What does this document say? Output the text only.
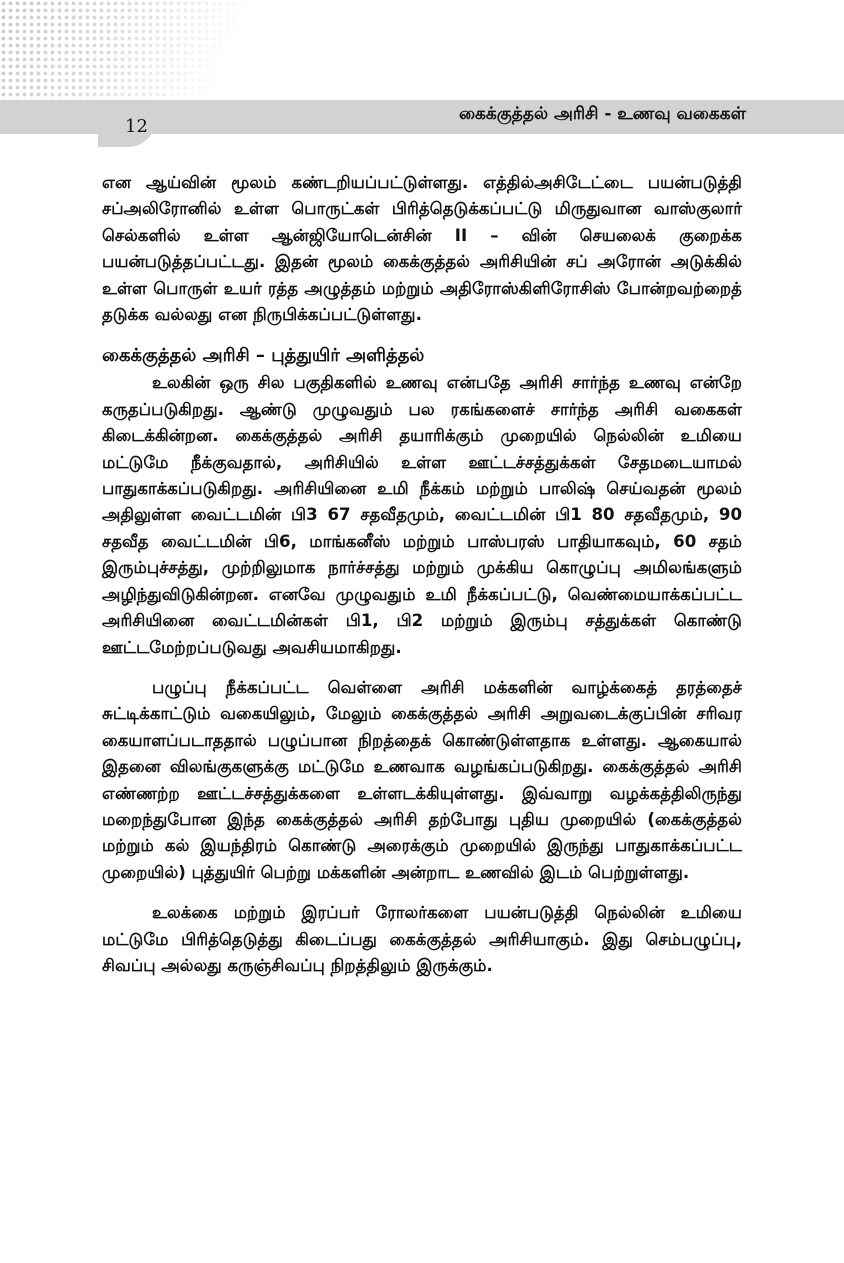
கைக்குத்தல் அரிசி - உணவு வகைகள்
12

என ஆய்வின் மூலம் கண்டறியப்பட்டுள்ளது. எத்தில்அசிடேட்டை பயன்படுத்தி சப்அலிரோனில் உள்ள பொருட்கள் பிரித்தெடுக்கப்பட்டு மிருதுவான வாஸ்குலார் செல்களில் உள்ள ஆன்ஜியோடென்சின் II – வின் செயலைக் குறைக்க பயன்படுத்தப்பட்டது. இதன் மூலம் கைக்குத்தல் அரிசியின் சப் அரோன் அடுக்கில் உள்ள பொருள் உயர் ரத்த அழுத்தம் மற்றும் அதிரோஸ்கிளிரோசிஸ் போன்றவற்றைத் தடுக்க வல்லது என நிருபிக்கப்பட்டுள்ளது.

கைக்குத்தல் அரிசி – புத்துயிர் அளித்தல்

உலகின் ஒரு சில பகுதிகளில் உணவு என்பதே அரிசி சார்ந்த உணவு என்றே கருதப்படுகிறது. ஆண்டு முழுவதும் பல ரகங்களைச் சார்ந்த அரிசி வகைகள் கிடைக்கின்றன. கைக்குத்தல் அரிசி தயாரிக்கும் முறையில் நெல்லின் உமியை மட்டுமே நீக்குவதால், அரிசியில் உள்ள ஊட்டச்சத்துக்கள் சேதமடையாமல் பாதுகாக்கப்படுகிறது. அரிசியினை உமி நீக்கம் மற்றும் பாலிஷ் செய்வதன் மூலம் அதிலுள்ள வைட்டமின் பி3 67 சதவீதமும், வைட்டமின் பி1 80 சதவீதமும், 90 சதவீத வைட்டமின் பி6, மாங்கனீஸ் மற்றும் பாஸ்பரஸ் பாதியாகவும், 60 சதம் இரும்புச்சத்து, முற்றிலுமாக நார்ச்சத்து மற்றும் முக்கிய கொழுப்பு அமிலங்களும் அழிந்துவிடுகின்றன. எனவே முழுவதும் உமி நீக்கப்பட்டு, வெண்மையாக்கப்பட்ட அரிசியினை வைட்டமின்கள் பி1, பி2 மற்றும் இரும்பு சத்துக்கள் கொண்டு ஊட்டமேற்றப்படுவது அவசியமாகிறது.

பழுப்பு நீக்கப்பட்ட வெள்ளை அரிசி மக்களின் வாழ்க்கைத் தரத்தைச் சுட்டிக்காட்டும் வகையிலும், மேலும் கைக்குத்தல் அரிசி அறுவடைக்குப்பின் சரிவர கையாளப்படாததால் பழுப்பான நிறத்தைக் கொண்டுள்ளதாக உள்ளது. ஆகையால் இதனை விலங்குகளுக்கு மட்டுமே உணவாக வழங்கப்படுகிறது. கைக்குத்தல் அரிசி எண்ணற்ற ஊட்டச்சத்துக்களை உள்ளடக்கியுள்ளது. இவ்வாறு வழக்கத்திலிருந்து மறைந்துபோன இந்த கைக்குத்தல் அரிசி தற்போது புதிய முறையில் (கைக்குத்தல் மற்றும் கல் இயந்திரம் கொண்டு அரைக்கும் முறையில் இருந்து பாதுகாக்கப்பட்ட முறையில்) புத்துயிர் பெற்று மக்களின் அன்றாட உணவில் இடம் பெற்றுள்ளது.

உலக்கை மற்றும் இரப்பர் ரோலர்களை பயன்படுத்தி நெல்லின் உமியை மட்டுமே பிரித்தெடுத்து கிடைப்பது கைக்குத்தல் அரிசியாகும். இது செம்பழுப்பு, சிவப்பு அல்லது கருஞ்சிவப்பு நிறத்திலும் இருக்கும்.
